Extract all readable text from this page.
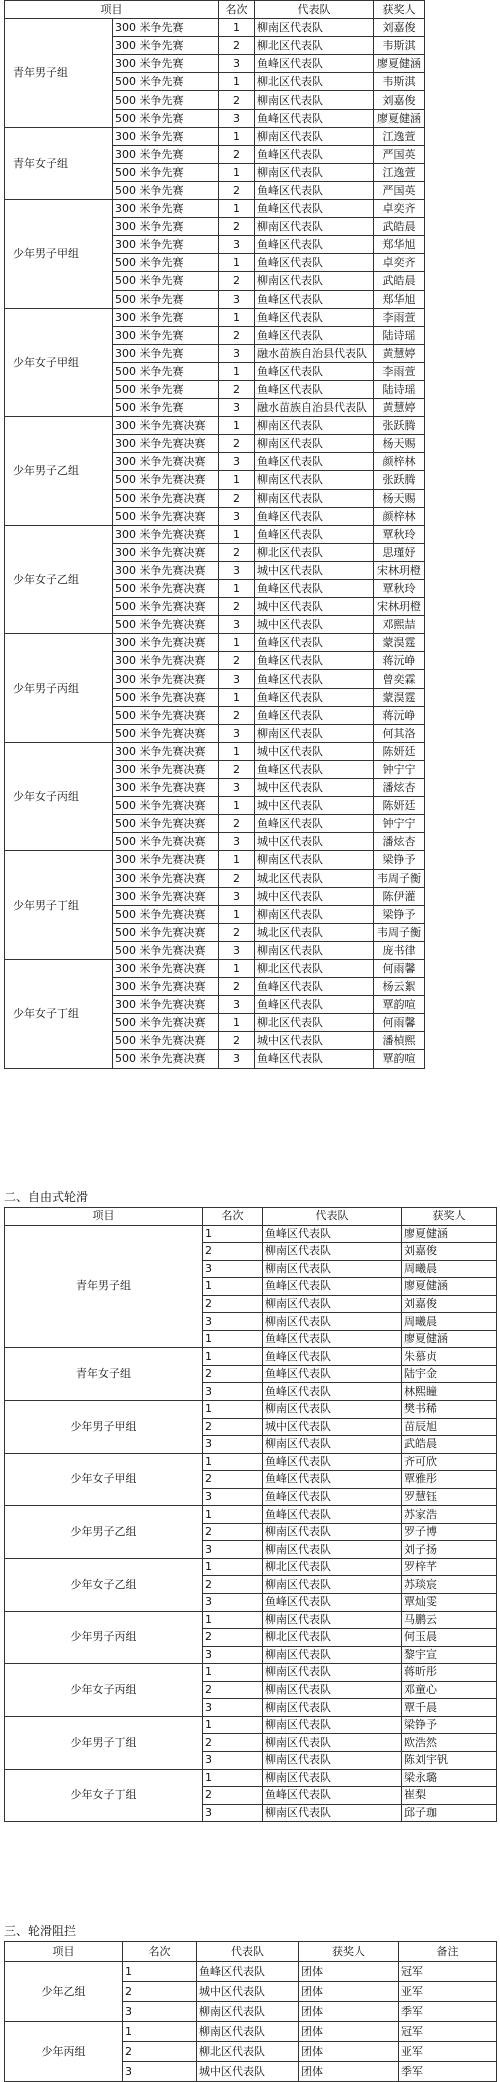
项目		名次	代表队	获奖人
青年男子组	300 米争先赛	1	柳南区代表队	刘嘉俊
	300 米争先赛	2	柳北区代表队	韦斯淇
	300 米争先赛	3	鱼峰区代表队	廖夏健涵
	500 米争先赛	1	柳北区代表队	韦斯淇
	500 米争先赛	2	柳南区代表队	刘嘉俊
	500 米争先赛	3	鱼峰区代表队	廖夏健涵
青年女子组	300 米争先赛	1	柳南区代表队	江逸萱
	300 米争先赛	2	鱼峰区代表队	严国英
	500 米争先赛	1	柳南区代表队	江逸萱
	500 米争先赛	2	鱼峰区代表队	严国英
少年男子甲组	300 米争先赛	1	鱼峰区代表队	卓奕齐
	300 米争先赛	2	柳南区代表队	武皓晨
	300 米争先赛	3	鱼峰区代表队	郑华旭
	500 米争先赛	1	鱼峰区代表队	卓奕齐
	500 米争先赛	2	柳南区代表队	武皓晨
	500 米争先赛	3	鱼峰区代表队	郑华旭
少年女子甲组	300 米争先赛	1	鱼峰区代表队	李雨萱
	300 米争先赛	2	鱼峰区代表队	陆诗瑶
	300 米争先赛	3	融水苗族自治县代表队	黄慧婷
	500 米争先赛	1	鱼峰区代表队	李雨萱
	500 米争先赛	2	鱼峰区代表队	陆诗瑶
	500 米争先赛	3	融水苗族自治县代表队	黄慧婷
少年男子乙组	300 米争先赛决赛	1	柳南区代表队	张跃腾
	300 米争先赛决赛	2	柳南区代表队	杨天赐
	300 米争先赛决赛	3	鱼峰区代表队	颜梓林
	500 米争先赛决赛	1	柳南区代表队	张跃腾
	500 米争先赛决赛	2	柳南区代表队	杨天赐
	500 米争先赛决赛	3	鱼峰区代表队	颜梓林
少年女子乙组	300 米争先赛决赛	1	鱼峰区代表队	覃秋玲
	300 米争先赛决赛	2	柳北区代表队	思瑾妤
	300 米争先赛决赛	3	城中区代表队	宋林玥橙
	500 米争先赛决赛	1	鱼峰区代表队	覃秋玲
	500 米争先赛决赛	2	城中区代表队	宋林玥橙
	500 米争先赛决赛	3	城中区代表队	邓熙喆
少年男子丙组	300 米争先赛决赛	1	鱼峰区代表队	蒙淏霆
	300 米争先赛决赛	2	鱼峰区代表队	蒋沅峥
	300 米争先赛决赛	3	鱼峰区代表队	曾奕霖
	500 米争先赛决赛	1	鱼峰区代表队	蒙淏霆
	500 米争先赛决赛	2	鱼峰区代表队	蒋沅峥
	500 米争先赛决赛	3	柳南区代表队	何其洛
少年女子丙组	300 米争先赛决赛	1	城中区代表队	陈妍廷
	300 米争先赛决赛	2	鱼峰区代表队	钟宁宁
	300 米争先赛决赛	3	城中区代表队	潘炫杏
	500 米争先赛决赛	1	城中区代表队	陈妍廷
	500 米争先赛决赛	2	鱼峰区代表队	钟宁宁
	500 米争先赛决赛	3	城中区代表队	潘炫杏
少年男子丁组	300 米争先赛决赛	1	柳南区代表队	梁铮予
	300 米争先赛决赛	2	城北区代表队	韦周子衡
	300 米争先赛决赛	3	城中区代表队	陈伊灌
	500 米争先赛决赛	1	柳南区代表队	梁铮予
	500 米争先赛决赛	2	城北区代表队	韦周子衡
	500 米争先赛决赛	3	柳南区代表队	庞书律
少年女子丁组	300 米争先赛决赛	1	柳北区代表队	何雨馨
	300 米争先赛决赛	2	鱼峰区代表队	杨云絮
	300 米争先赛决赛	3	鱼峰区代表队	覃韵喧
	500 米争先赛决赛	1	柳北区代表队	何雨馨
	500 米争先赛决赛	2	城中区代表队	潘楨熙
	500 米争先赛决赛	3	鱼峰区代表队	覃韵喧
二、自由式轮滑
项目	名次	代表队	获奖人
青年男子组	1	鱼峰区代表队	廖夏健涵
	2	柳南区代表队	刘嘉俊
	3	柳南区代表队	周曦晨
	1	鱼峰区代表队	廖夏健涵
	2	柳南区代表队	刘嘉俊
	3	柳南区代表队	周曦晨
	1	鱼峰区代表队	廖夏健涵
青年女子组	1	鱼峰区代表队	朱慕贞
	2	鱼峰区代表队	陆宇金
	3	鱼峰区代表队	林熙瞳
少年男子甲组	1	柳南区代表队	樊书稀
	2	城中区代表队	苗辰旭
	3	柳南区代表队	武皓晨
少年女子甲组	1	鱼峰区代表队	齐可欣
	2	鱼峰区代表队	覃雅彤
	3	鱼峰区代表队	罗慧钰
少年男子乙组	1	鱼峰区代表队	苏家浩
	2	柳南区代表队	罗子博
	3	柳南区代表队	刘子扬
少年女子乙组	1	柳北区代表队	罗梓芊
	2	柳南区代表队	苏琰宸
	3	鱼峰区代表队	覃灿雯
少年男子丙组	1	柳南区代表队	马鹏云
	2	柳北区代表队	何玉晨
	3	柳南区代表队	黎宇宣
少年女子丙组	1	柳南区代表队	蒋昕彤
	2	柳南区代表队	邓童心
	3	柳南区代表队	覃千晨
少年男子丁组	1	柳南区代表队	梁铮予
	2	柳南区代表队	欧浩然
	3	柳南区代表队	陈刘宇钒
少年女子丁组	1	柳南区代表队	梁永璐
	2	鱼峰区代表队	崔梨
	3	柳南区代表队	邱子珈
三、轮滑阻拦
项目	名次	代表队	获奖人	备注
少年乙组	1	鱼峰区代表队	团体	冠军
	2	城中区代表队	团体	亚军
	3	柳南区代表队	团体	季军
少年丙组	1	柳南区代表队	团体	冠军
	2	柳北区代表队	团体	亚军
	3	城中区代表队	团体	季军
